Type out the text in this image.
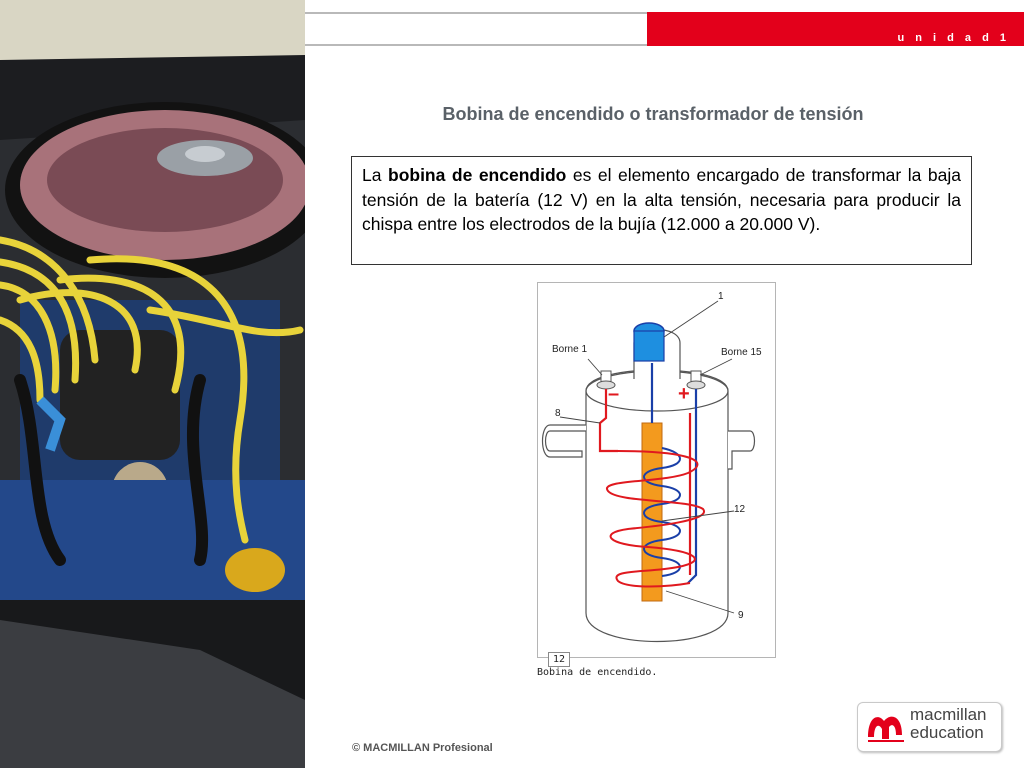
u n i d a d 1
Bobina de encendido o transformador de tensión
La bobina de encendido es el elemento encargado de transformar la baja tensión de la batería (12 V) en la alta tensión, necesaria para producir la chispa entre los electrodos de la bujía (12.000 a 20.000 V).
1
Borne 1	Borne 15
8
12
9
–	+
12
Bobina de encendido.
© MACMILLAN Profesional
macmillan
education
